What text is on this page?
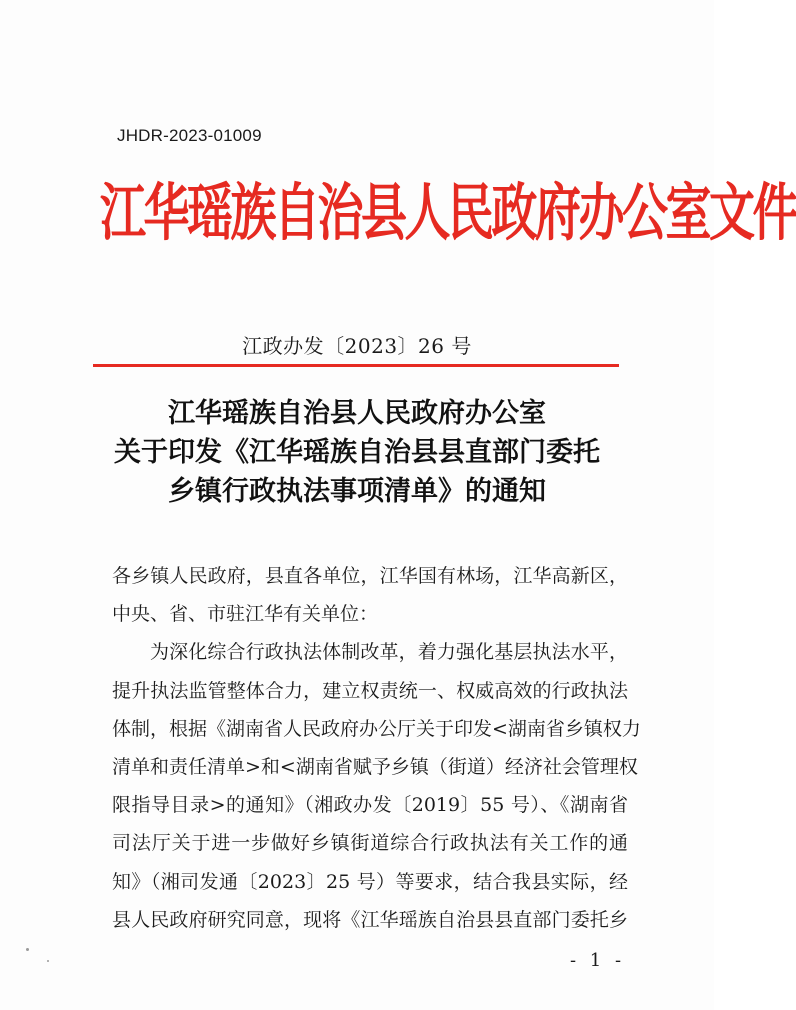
JHDR-2023-01009
江华瑶族自治县人民政府办公室文件
江政办发〔2023〕26 号
江华瑶族自治县人民政府办公室
关于印发《江华瑶族自治县县直部门委托
乡镇行政执法事项清单》的通知
各乡镇人民政府，县直各单位，江华国有林场，江华高新区，
中央、省、市驻江华有关单位：
为深化综合行政执法体制改革，着力强化基层执法水平，
提升执法监管整体合力，建立权责统一、权威高效的行政执法
体制，根据《湖南省人民政府办公厅关于印发<湖南省乡镇权力
清单和责任清单>和<湖南省赋予乡镇（街道）经济社会管理权
限指导目录>的通知》（湘政办发〔2019〕55 号）、《湖南省
司法厅关于进一步做好乡镇街道综合行政执法有关工作的通
知》（湘司发通〔2023〕25 号）等要求，结合我县实际，经
县人民政府研究同意，现将《江华瑶族自治县县直部门委托乡
- 1 -
